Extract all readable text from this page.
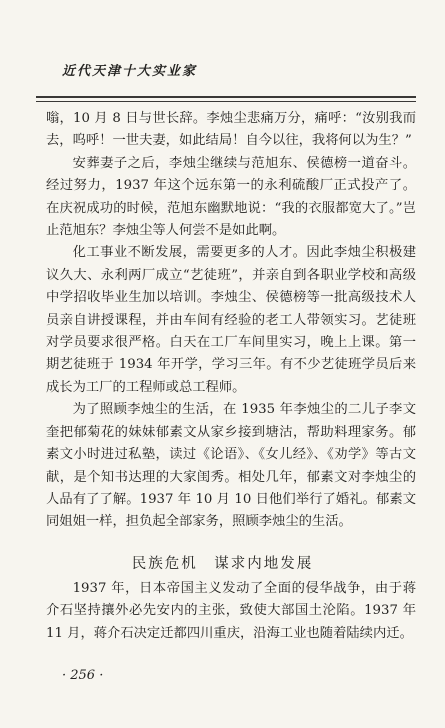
近代天津十大实业家

嗡，10 月 8 日与世长辞。李烛尘悲痛万分，痛呼：“汝别我而去，呜呼！一世夫妻，如此结局！自今以往，我将何以为生？”

安葬妻子之后，李烛尘继续与范旭东、侯德榜一道奋斗。经过努力，1937 年这个远东第一的永利硫酸厂正式投产了。在庆祝成功的时候，范旭东幽默地说：“我的衣服都宽大了。”岂止范旭东？李烛尘等人何尝不是如此啊。

化工事业不断发展，需要更多的人才。因此李烛尘积极建议久大、永利两厂成立“艺徒班”，并亲自到各职业学校和高级中学招收毕业生加以培训。李烛尘、侯德榜等一批高级技术人员亲自讲授课程，并由车间有经验的老工人带领实习。艺徒班对学员要求很严格。白天在工厂车间里实习，晚上上课。第一期艺徒班于 1934 年开学，学习三年。有不少艺徒班学员后来成长为工厂的工程师或总工程师。

为了照顾李烛尘的生活，在 1935 年李烛尘的二儿子李文奎把郁菊花的妹妹郁素文从家乡接到塘沽，帮助料理家务。郁素文小时进过私塾，读过《论语》、《女儿经》、《劝学》等古文献，是个知书达理的大家闺秀。相处几年，郁素文对李烛尘的人品有了了解。1937 年 10 月 10 日他们举行了婚礼。郁素文同姐姐一样，担负起全部家务，照顾李烛尘的生活。

民族危机　谋求内地发展

1937 年，日本帝国主义发动了全面的侵华战争，由于蒋介石坚持攘外必先安内的主张，致使大部国土沦陷。1937 年 11 月，蒋介石决定迁都四川重庆，沿海工业也随着陆续内迁。

· 256 ·
